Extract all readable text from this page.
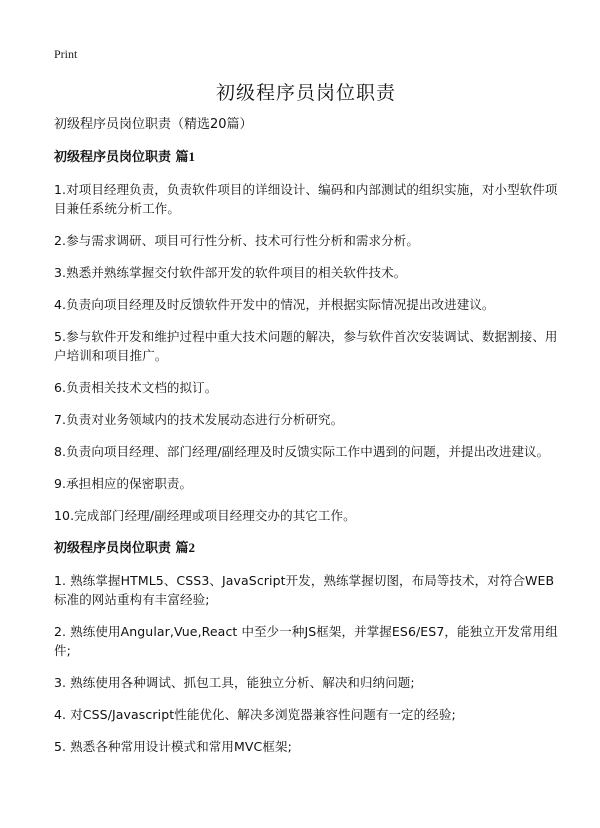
Print
初级程序员岗位职责

初级程序员岗位职责（精选20篇）

初级程序员岗位职责 篇1

1.对项目经理负责，负责软件项目的详细设计、编码和内部测试的组织实施，对小型软件项目兼任系统分析工作。

2.参与需求调研、项目可行性分析、技术可行性分析和需求分析。

3.熟悉并熟练掌握交付软件部开发的软件项目的相关软件技术。

4.负责向项目经理及时反馈软件开发中的情况，并根据实际情况提出改进建议。

5.参与软件开发和维护过程中重大技术问题的解决，参与软件首次安装调试、数据割接、用户培训和项目推广。

6.负责相关技术文档的拟订。

7.负责对业务领域内的技术发展动态进行分析研究。

8.负责向项目经理、部门经理/副经理及时反馈实际工作中遇到的问题，并提出改进建议。

9.承担相应的保密职责。

10.完成部门经理/副经理或项目经理交办的其它工作。

初级程序员岗位职责 篇2

1. 熟练掌握HTML5、CSS3、JavaScript开发，熟练掌握切图，布局等技术，对符合WEB标准的网站重构有丰富经验;

2. 熟练使用Angular,Vue,React 中至少一种JS框架，并掌握ES6/ES7，能独立开发常用组件;

3. 熟练使用各种调试、抓包工具，能独立分析、解决和归纳问题;

4. 对CSS/Javascript性能优化、解决多浏览器兼容性问题有一定的经验;

5. 熟悉各种常用设计模式和常用MVC框架;
